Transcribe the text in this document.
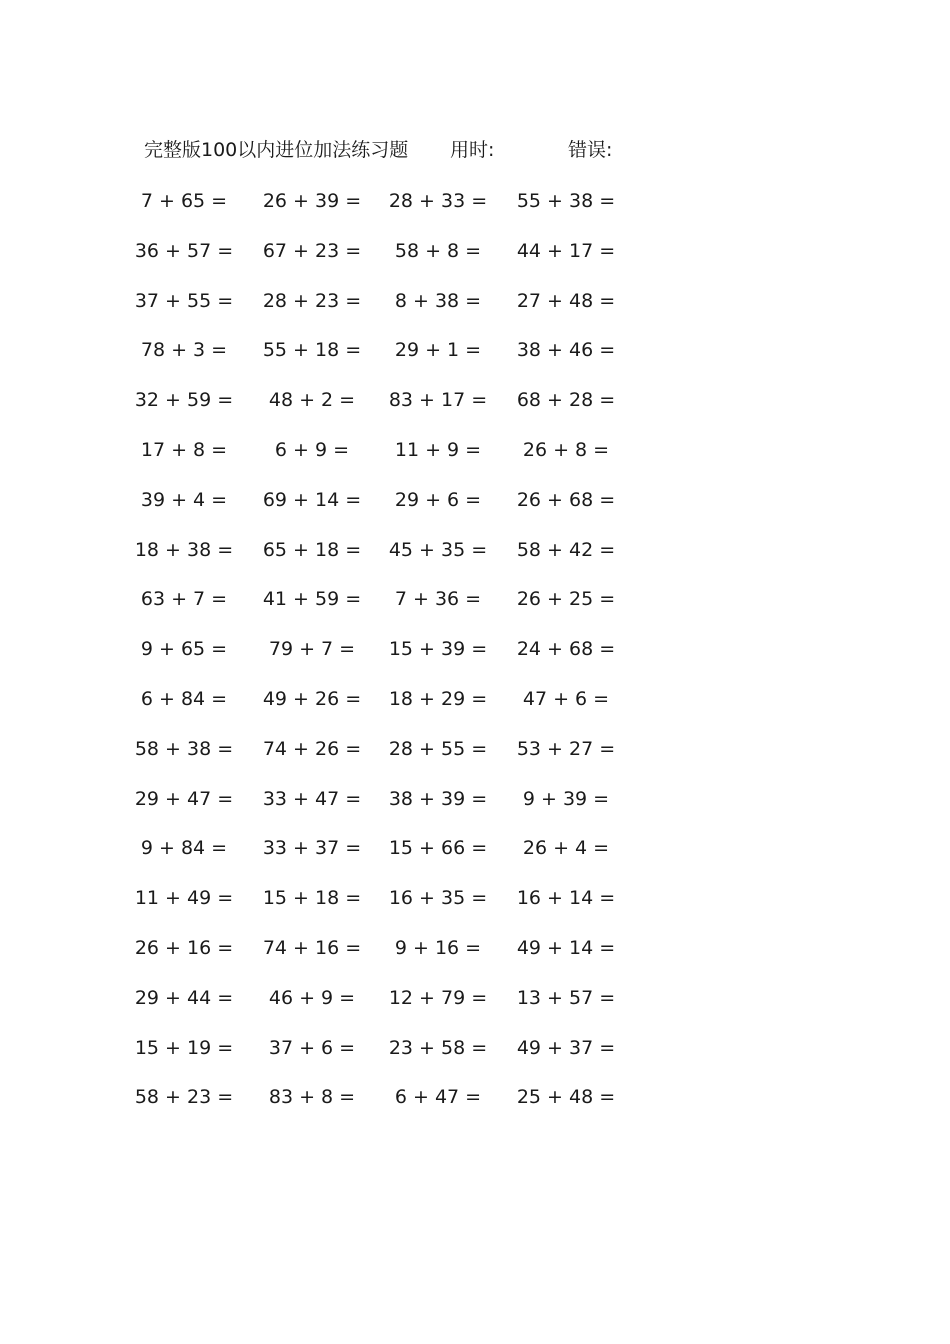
完整版100以内进位加法练习题 用时:	错误:
7 + 65 = 26 + 39 = 28 + 33 = 55 + 38 =
36 + 57 = 67 + 23 = 58 + 8 = 44 + 17 =
37 + 55 = 28 + 23 = 8 + 38 = 27 + 48 =
78 + 3 = 55 + 18 = 29 + 1 = 38 + 46 =
32 + 59 = 48 + 2 = 83 + 17 = 68 + 28 =
17 + 8 =	6 + 9 = 11 + 9 = 26 + 8 =
39 + 4 = 69 + 14 = 29 + 6 = 26 + 68 =
18 + 38 = 65 + 18 = 45 + 35 = 58 + 42 =
63 + 7 = 41 + 59 = 7 + 36 = 26 + 25 =
9 + 65 = 79 + 7 = 15 + 39 = 24 + 68 =
6 + 84 = 49 + 26 = 18 + 29 = 47 + 6 =
58 + 38 = 74 + 26 = 28 + 55 = 53 + 27 =
29 + 47 = 33 + 47 = 38 + 39 = 9 + 39 =
9 + 84 = 33 + 37 = 15 + 66 = 26 + 4 =
11 + 49 = 15 + 18 = 16 + 35 = 16 + 14 =
26 + 16 = 74 + 16 = 9 + 16 = 49 + 14 =
29 + 44 = 46 + 9 = 12 + 79 = 13 + 57 =
15 + 19 = 37 + 6 = 23 + 58 = 49 + 37 =
58 + 23 = 83 + 8 = 6 + 47 = 25 + 48 =
